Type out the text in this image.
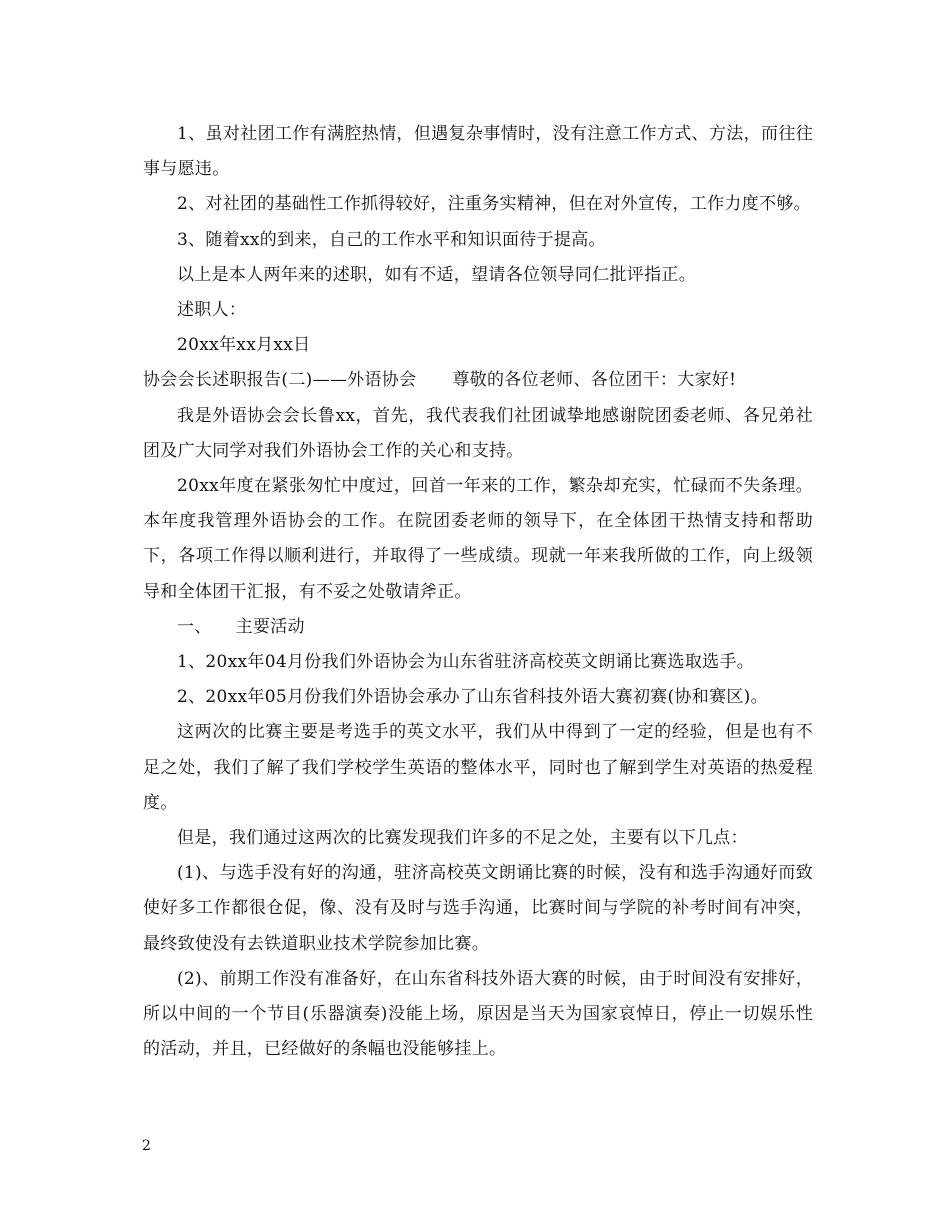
1、虽对社团工作有满腔热情，但遇复杂事情时，没有注意工作方式、方法，而往往事与愿违。

2、对社团的基础性工作抓得较好，注重务实精神，但在对外宣传，工作力度不够。

3、随着xx的到来，自己的工作水平和知识面待于提高。

以上是本人两年来的述职，如有不适，望请各位领导同仁批评指正。

述职人：

20xx年xx月xx日

协会会长述职报告(二)——外语协会 尊敬的各位老师、各位团干：大家好!

我是外语协会会长鲁xx，首先，我代表我们社团诚挚地感谢院团委老师、各兄弟社团及广大同学对我们外语协会工作的关心和支持。

20xx年度在紧张匆忙中度过，回首一年来的工作，繁杂却充实，忙碌而不失条理。本年度我管理外语协会的工作。在院团委老师的领导下，在全体团干热情支持和帮助下，各项工作得以顺利进行，并取得了一些成绩。现就一年来我所做的工作，向上级领导和全体团干汇报，有不妥之处敬请斧正。

一、 主要活动

1、20xx年04月份我们外语协会为山东省驻济高校英文朗诵比赛选取选手。

2、20xx年05月份我们外语协会承办了山东省科技外语大赛初赛(协和赛区)。

这两次的比赛主要是考选手的英文水平，我们从中得到了一定的经验，但是也有不足之处，我们了解了我们学校学生英语的整体水平，同时也了解到学生对英语的热爱程度。

但是，我们通过这两次的比赛发现我们许多的不足之处，主要有以下几点：

(1)、与选手没有好的沟通，驻济高校英文朗诵比赛的时候，没有和选手沟通好而致使好多工作都很仓促，像、没有及时与选手沟通，比赛时间与学院的补考时间有冲突，最终致使没有去铁道职业技术学院参加比赛。

(2)、前期工作没有准备好，在山东省科技外语大赛的时候，由于时间没有安排好，所以中间的一个节目(乐器演奏)没能上场，原因是当天为国家哀悼日，停止一切娱乐性的活动，并且，已经做好的条幅也没能够挂上。

2
